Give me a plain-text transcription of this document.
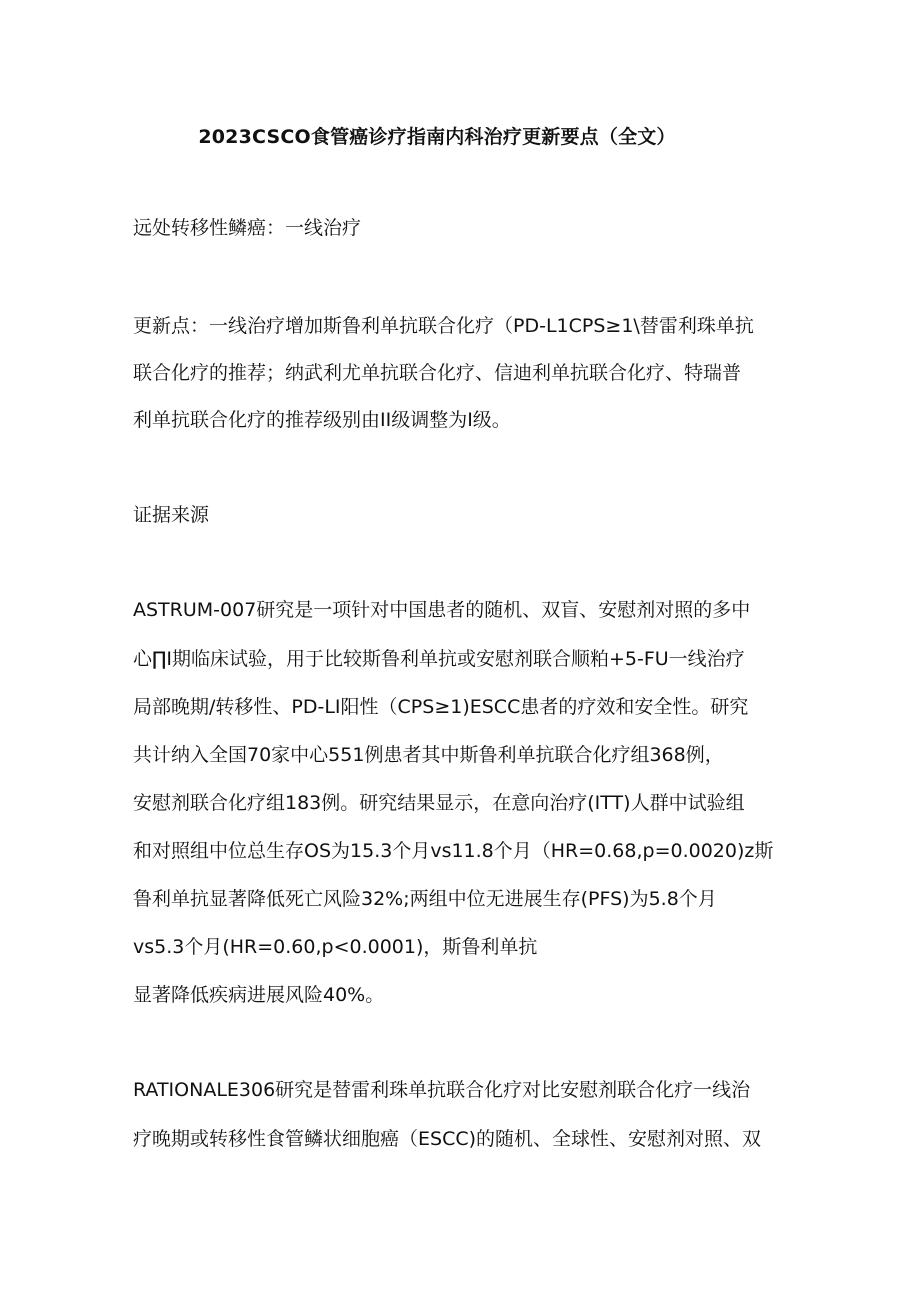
2023CSCO食管癌诊疗指南内科治疗更新要点（全文）
远处转移性鳞癌：一线治疗
更新点：一线治疗增加斯鲁利单抗联合化疗（PD-L1CPS≥1\替雷利珠单抗
联合化疗的推荐；纳武利尤单抗联合化疗、信迪利单抗联合化疗、特瑞普
利单抗联合化疗的推荐级别由II级调整为I级。
证据来源
ASTRUM-007研究是一项针对中国患者的随机、双盲、安慰剂对照的多中
心∏I期临床试验，用于比较斯鲁利单抗或安慰剂联合顺粕+5-FU一线治疗
局部晚期/转移性、PD-LI阳性（CPS≥1)ESCC患者的疗效和安全性。研究
共计纳入全国70家中心551例患者其中斯鲁利单抗联合化疗组368例，
安慰剂联合化疗组183例。研究结果显示，在意向治疗(ITT)人群中试验组
和对照组中位总生存OS为15.3个月vs11.8个月（HR=0.68,p=0.0020)z斯
鲁利单抗显著降低死亡风险32%;两组中位无进展生存(PFS)为5.8个月
vs5.3个月(HR=0.60,p<0.0001)，斯鲁利单抗
显著降低疾病进展风险40%。
RATIONALE306研究是替雷利珠单抗联合化疗对比安慰剂联合化疗一线治
疗晚期或转移性食管鳞状细胞癌（ESCC)的随机、全球性、安慰剂对照、双
